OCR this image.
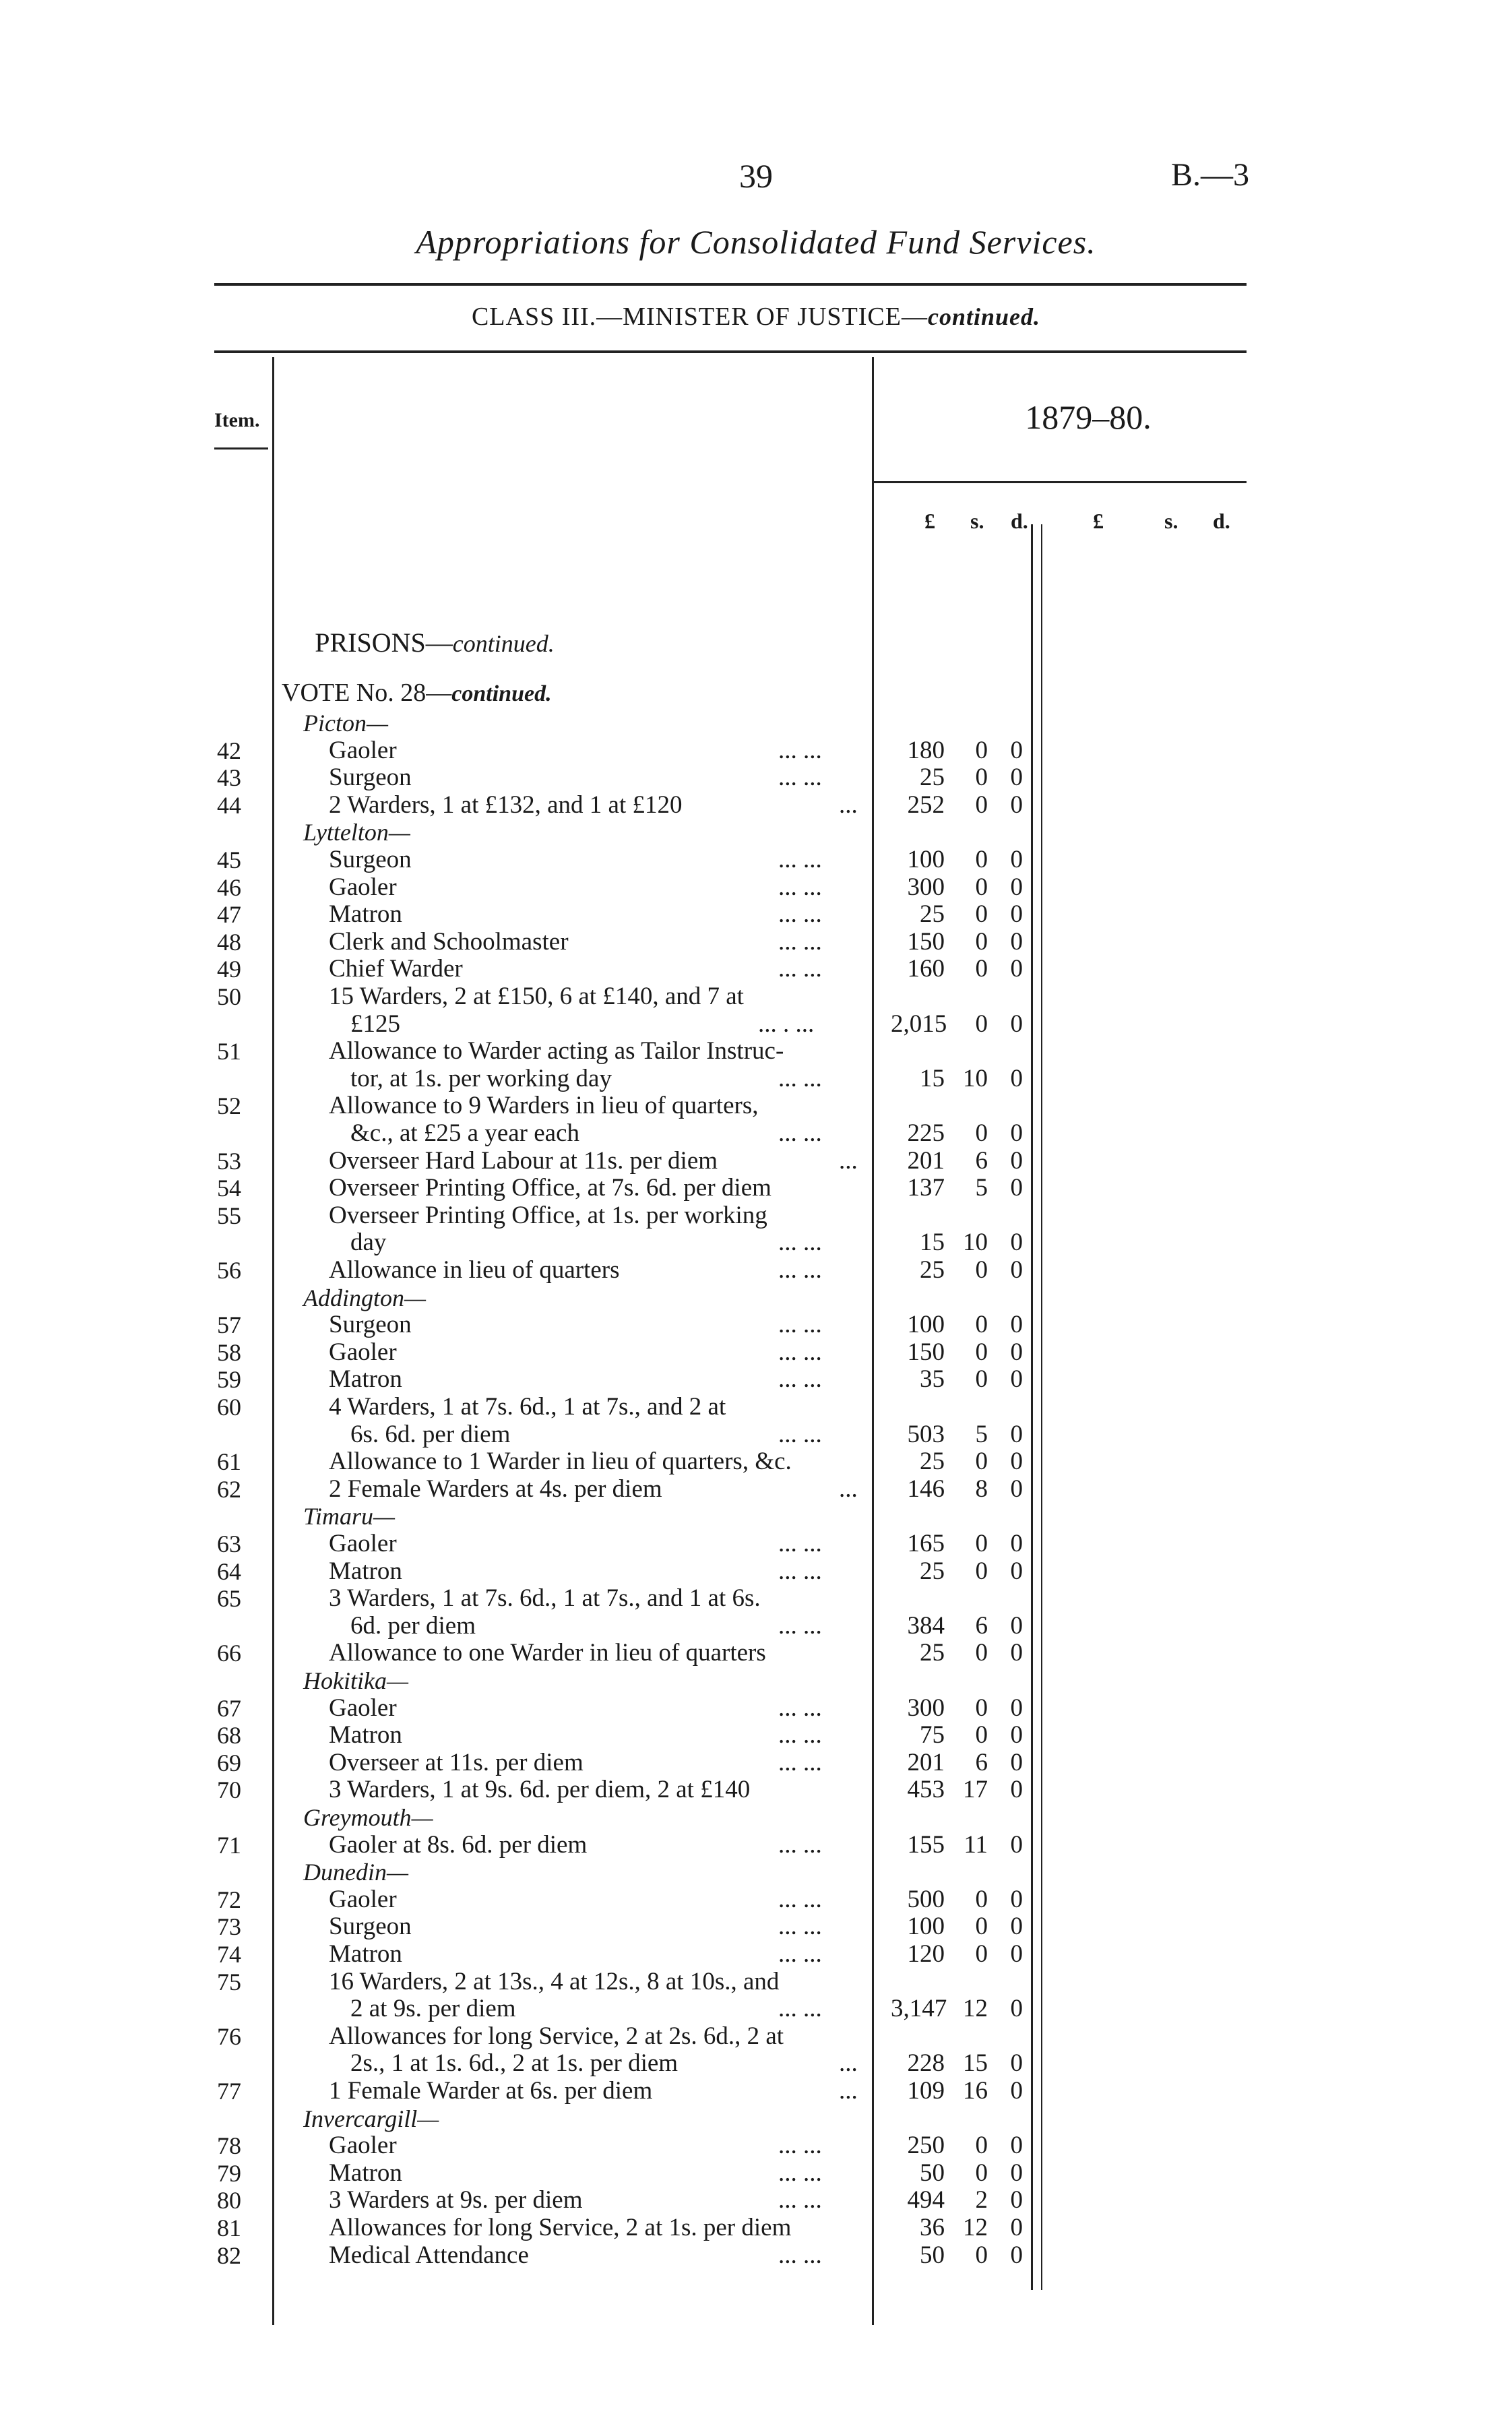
39	B.—3
Appropriations for Consolidated Fund Services.
CLASS III.—MINISTER OF JUSTICE—continued.
Item.	1879–80.
£ s. d.	£	s. d.
PRISONS—continued.
VOTE No. 28—continued.
Picton—
42	Gaoler	... ...	180	0 0
43	Surgeon	... ...	25	0 0
44	2 Warders, 1 at £132, and 1 at £120	...	252	0 0
Lyttelton—
45	Surgeon	... ...	100	0 0
46	Gaoler	... ...	300	0 0
47	Matron	... ...	25	0 0
48	Clerk and Schoolmaster	... ...	150	0 0
49	Chief Warder	... ...	160	0 0
50	15 Warders, 2 at £150, 6 at £140, and 7 at
£125	... . ...	2,015	0 0
51	Allowance to Warder acting as Tailor Instruc-
tor, at 1s. per working day	... ...	15 10 0
52	Allowance to 9 Warders in lieu of quarters,
&c., at £25 a year each	... ...	225	0 0
53	Overseer Hard Labour at 11s. per diem	...	201	6 0
54	Overseer Printing Office, at 7s. 6d. per diem	137	5 0
55	Overseer Printing Office, at 1s. per working
day	... ...	15 10 0
56	Allowance in lieu of quarters	... ...	25	0 0
Addington—
57	Surgeon	... ...	100	0 0
58	Gaoler	... ...	150	0 0
59	Matron	... ...	35	0 0
60	4 Warders, 1 at 7s. 6d., 1 at 7s., and 2 at
6s. 6d. per diem	... ...	503	5 0
61	Allowance to 1 Warder in lieu of quarters, &c.	25	0 0
62	2 Female Warders at 4s. per diem	...	146	8 0
Timaru—
63	Gaoler	... ...	165	0 0
64	Matron	... ...	25	0 0
65	3 Warders, 1 at 7s. 6d., 1 at 7s., and 1 at 6s.
6d. per diem	... ...	384	6 0
66	Allowance to one Warder in lieu of quarters	25	0 0
Hokitika—
67	Gaoler	... ...	300	0 0
68	Matron	... ...	75	0 0
69	Overseer at 11s. per diem	... ...	201	6 0
70	3 Warders, 1 at 9s. 6d. per diem, 2 at £140	453 17 0
Greymouth—
71	Gaoler at 8s. 6d. per diem	... ...	155 11 0
Dunedin—
72	Gaoler	... ...	500	0 0
73	Surgeon	... ...	100	0 0
74	Matron	... ...	120	0 0
75	16 Warders, 2 at 13s., 4 at 12s., 8 at 10s., and
2 at 9s. per diem	... ...	3,147 12 0
76	Allowances for long Service, 2 at 2s. 6d., 2 at
2s., 1 at 1s. 6d., 2 at 1s. per diem	...	228 15 0
77	1 Female Warder at 6s. per diem	...	109 16 0
Invercargill—
78	Gaoler	... ...	250	0 0
79	Matron	... ...	50	0 0
80	3 Warders at 9s. per diem	... ...	494	2 0
81	Allowances for long Service, 2 at 1s. per diem	36 12 0
82	Medical Attendance	... ...	50	0 0
